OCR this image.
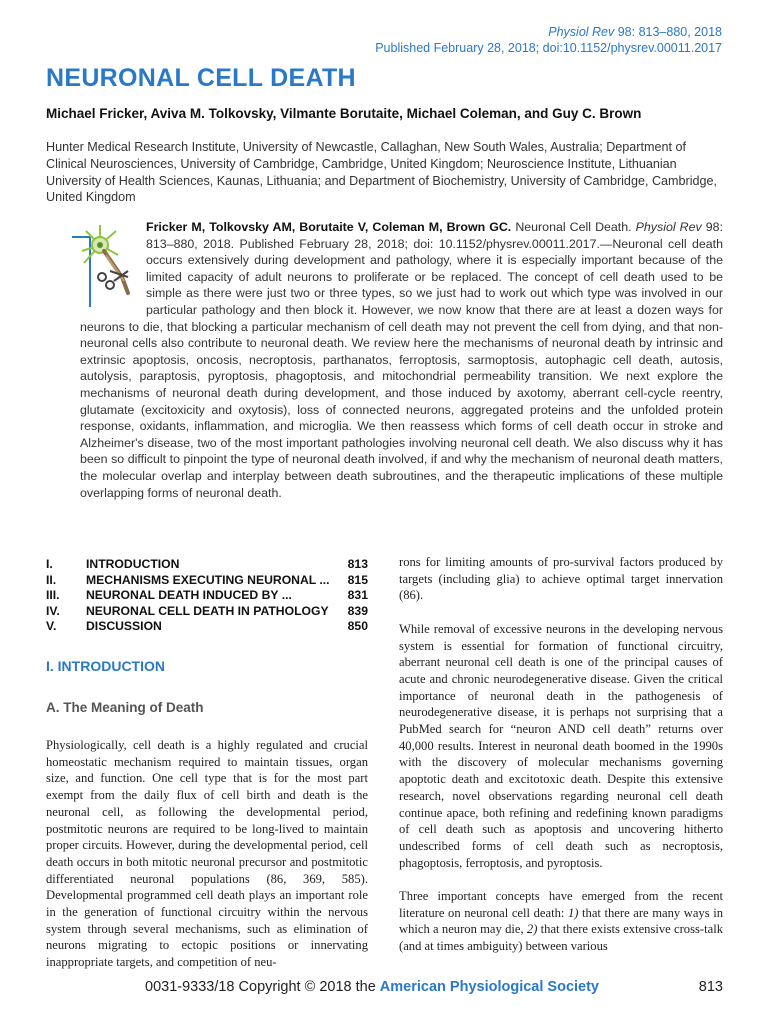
Physiol Rev 98: 813–880, 2018
Published February 28, 2018; doi:10.1152/physrev.00011.2017
NEURONAL CELL DEATH

Michael Fricker, Aviva M. Tolkovsky, Vilmante Borutaite, Michael Coleman, and Guy C. Brown

Hunter Medical Research Institute, University of Newcastle, Callaghan, New South Wales, Australia; Department of Clinical Neurosciences, University of Cambridge, Cambridge, United Kingdom; Neuroscience Institute, Lithuanian University of Health Sciences, Kaunas, Lithuania; and Department of Biochemistry, University of Cambridge, Cambridge, United Kingdom

Fricker M, Tolkovsky AM, Borutaite V, Coleman M, Brown GC. Neuronal Cell Death. Physiol Rev 98: 813–880, 2018. Published February 28, 2018; doi: 10.1152/physrev.00011.2017.—Neuronal cell death occurs extensively during development and pathology, where it is especially important because of the limited capacity of adult neurons to proliferate or be replaced. The concept of cell death used to be simple as there were just two or three types, so we just had to work out which type was involved in our particular pathology and then block it. However, we now know that there are at least a dozen ways for neurons to die, that blocking a particular mechanism of cell death may not prevent the cell from dying, and that non-neuronal cells also contribute to neuronal death. We review here the mechanisms of neuronal death by intrinsic and extrinsic apoptosis, oncosis, necroptosis, parthanatos, ferroptosis, sarmoptosis, autophagic cell death, autosis, autolysis, paraptosis, pyroptosis, phagoptosis, and mitochondrial permeability transition. We next explore the mechanisms of neuronal death during development, and those induced by axotomy, aberrant cell-cycle reentry, glutamate (excitoxicity and oxytosis), loss of connected neurons, aggregated proteins and the unfolded protein response, oxidants, inflammation, and microglia. We then reassess which forms of cell death occur in stroke and Alzheimer's disease, two of the most important pathologies involving neuronal cell death. We also discuss why it has been so difficult to pinpoint the type of neuronal death involved, if and why the mechanism of neuronal death matters, the molecular overlap and interplay between death subroutines, and the therapeutic implications of these multiple overlapping forms of neuronal death.
I.	INTRODUCTION	813
II.	MECHANISMS EXECUTING NEURONAL ...	815
III.	NEURONAL DEATH INDUCED BY ...	831
IV.	NEURONAL CELL DEATH IN PATHOLOGY	839
V.	DISCUSSION	850
I. INTRODUCTION
A. The Meaning of Death

Physiologically, cell death is a highly regulated and crucial homeostatic mechanism required to maintain tissues, organ size, and function. One cell type that is for the most part exempt from the daily flux of cell birth and death is the neuronal cell, as following the developmental period, postmitotic neurons are required to be long-lived to maintain proper circuits. However, during the developmental period, cell death occurs in both mitotic neuronal precursor and postmitotic differentiated neuronal populations (86, 369, 585). Developmental programmed cell death plays an important role in the generation of functional circuitry within the nervous system through several mechanisms, such as elimination of neurons migrating to ectopic positions or innervating inappropriate targets, and competition of neu-

rons for limiting amounts of pro-survival factors produced by targets (including glia) to achieve optimal target innervation (86).

While removal of excessive neurons in the developing nervous system is essential for formation of functional circuitry, aberrant neuronal cell death is one of the principal causes of acute and chronic neurodegenerative disease. Given the critical importance of neuronal death in the pathogenesis of neurodegenerative disease, it is perhaps not surprising that a PubMed search for “neuron AND cell death” returns over 40,000 results. Interest in neuronal death boomed in the 1990s with the discovery of molecular mechanisms governing apoptotic death and excitotoxic death. Despite this extensive research, novel observations regarding neuronal cell death continue apace, both refining and redefining known paradigms of cell death such as apoptosis and uncovering hitherto undescribed forms of cell death such as necroptosis, phagoptosis, ferroptosis, and pyroptosis.

Three important concepts have emerged from the recent literature on neuronal cell death: 1) that there are many ways in which a neuron may die, 2) that there exists extensive cross-talk (and at times ambiguity) between various

0031-9333/18 Copyright © 2018 the American Physiological Society	813
